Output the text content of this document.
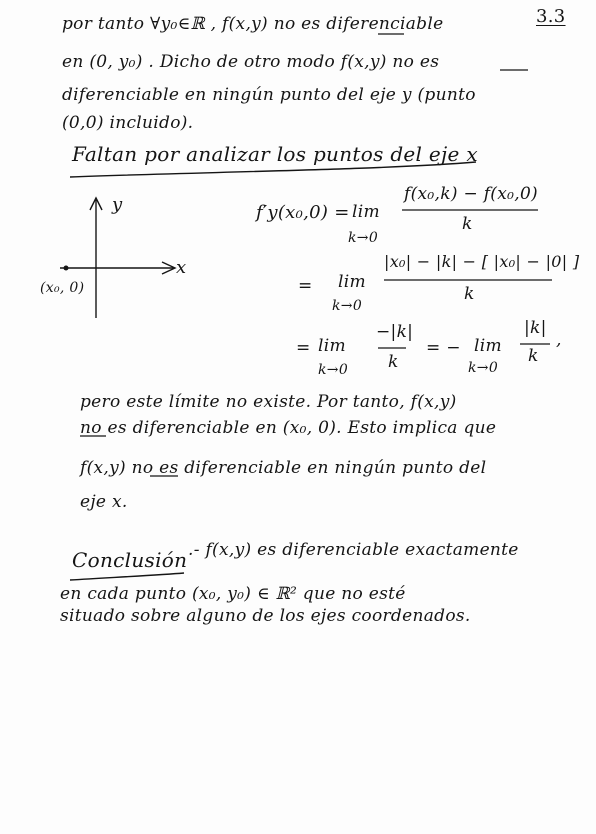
3.3
por tanto ∀y₀∈ℝ , f(x,y) no es diferenciable
en (0, y₀) . Dicho de otro modo f(x,y) no es
diferenciable en ningún punto del eje y (punto
(0,0) incluido).
Faltan por analizar los puntos del eje x
y
x
(x₀, 0)
f′y(x₀,0) = lim
k→0
f(x₀,k) − f(x₀,0)
k
= lim
k→0
|x₀| − |k| − [ |x₀| − |0| ]
k
= lim
k→0
−|k|
k
= − lim
k→0
|k|
k
,
pero este límite no existe. Por tanto, f(x,y)
no es diferenciable en (x₀, 0). Esto implica que
f(x,y) no es diferenciable en ningún punto del
eje x.
Conclusión .- f(x,y) es diferenciable exactamente
en cada punto (x₀, y₀) ∈ ℝ² que no esté
situado sobre alguno de los ejes coordenados.
